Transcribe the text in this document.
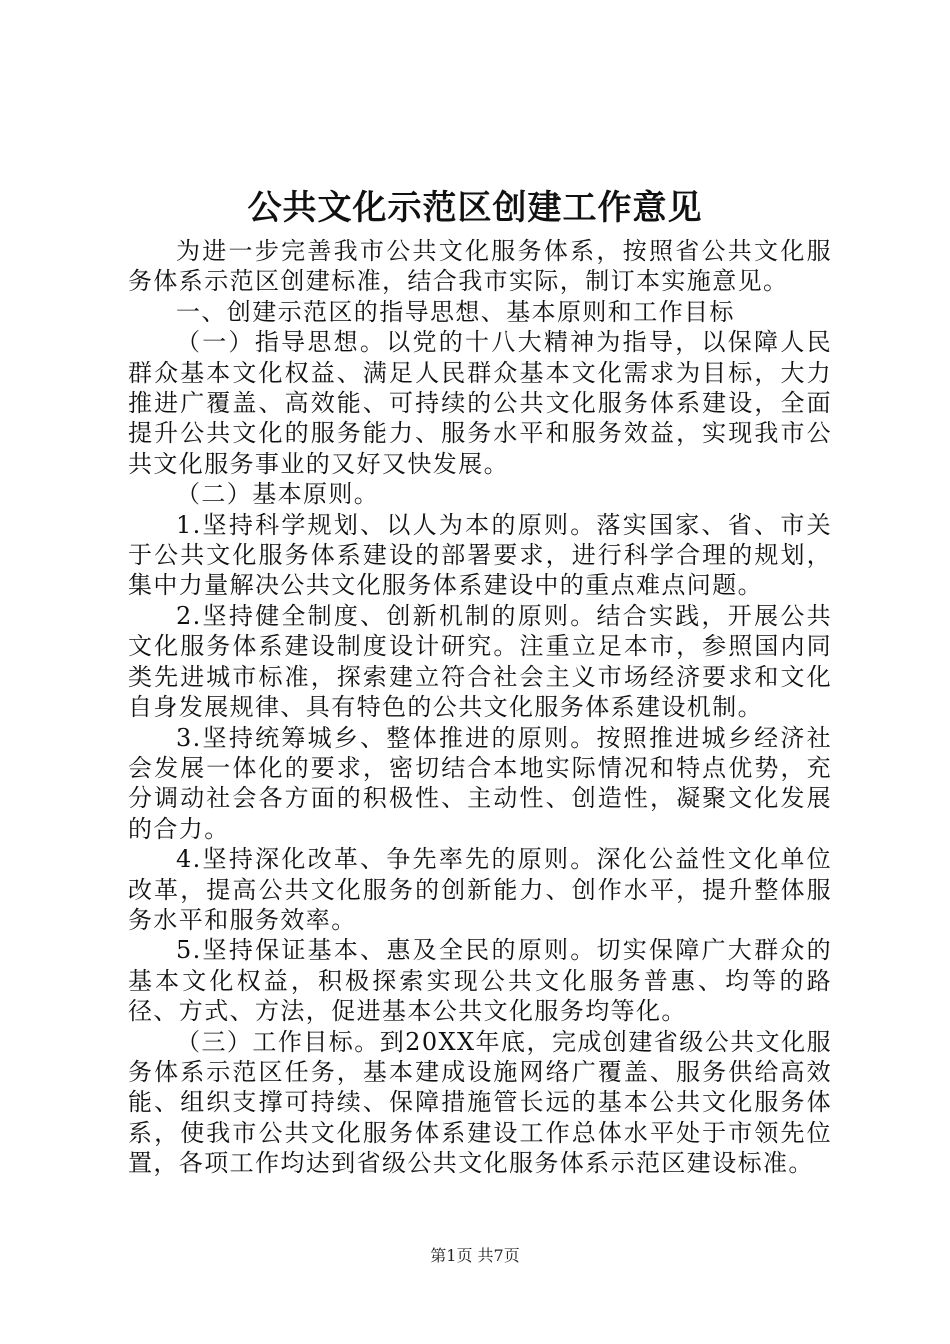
公共文化示范区创建工作意见

为进一步完善我市公共文化服务体系，按照省公共文化服务体系示范区创建标准，结合我市实际，制订本实施意见。

一、创建示范区的指导思想、基本原则和工作目标

（一）指导思想。以党的十八大精神为指导，以保障人民群众基本文化权益、满足人民群众基本文化需求为目标，大力推进广覆盖、高效能、可持续的公共文化服务体系建设，全面提升公共文化的服务能力、服务水平和服务效益，实现我市公共文化服务事业的又好又快发展。

（二）基本原则。

1.坚持科学规划、以人为本的原则。落实国家、省、市关于公共文化服务体系建设的部署要求，进行科学合理的规划，集中力量解决公共文化服务体系建设中的重点难点问题。

2.坚持健全制度、创新机制的原则。结合实践，开展公共文化服务体系建设制度设计研究。注重立足本市，参照国内同类先进城市标准，探索建立符合社会主义市场经济要求和文化自身发展规律、具有特色的公共文化服务体系建设机制。

3.坚持统筹城乡、整体推进的原则。按照推进城乡经济社会发展一体化的要求，密切结合本地实际情况和特点优势，充分调动社会各方面的积极性、主动性、创造性，凝聚文化发展的合力。

4.坚持深化改革、争先率先的原则。深化公益性文化单位改革，提高公共文化服务的创新能力、创作水平，提升整体服务水平和服务效率。

5.坚持保证基本、惠及全民的原则。切实保障广大群众的基本文化权益，积极探索实现公共文化服务普惠、均等的路径、方式、方法，促进基本公共文化服务均等化。

（三）工作目标。到20XX年底，完成创建省级公共文化服务体系示范区任务，基本建成设施网络广覆盖、服务供给高效能、组织支撑可持续、保障措施管长远的基本公共文化服务体系，使我市公共文化服务体系建设工作总体水平处于市领先位置，各项工作均达到省级公共文化服务体系示范区建设标准。

第1页 共7页
